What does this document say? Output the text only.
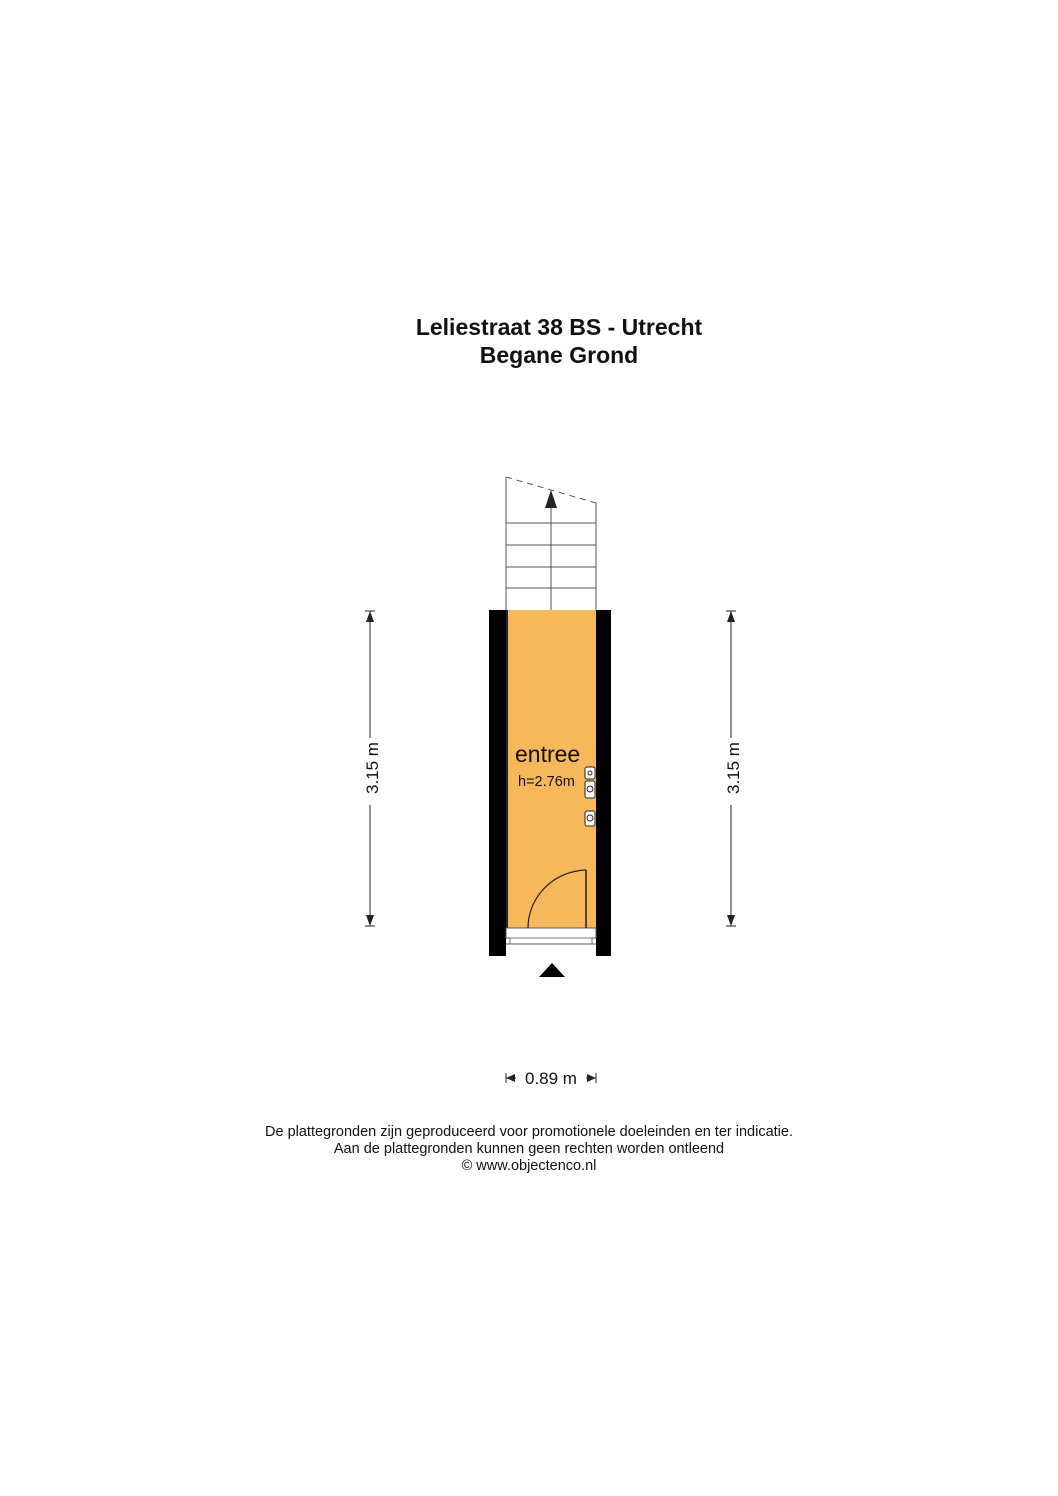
Leliestraat 38 BS - Utrecht
Begane Grond
entree
h=2.76m
3.15 m	3.15 m
0.89 m
De plattegronden zijn geproduceerd voor promotionele doeleinden en ter indicatie.
Aan de plattegronden kunnen geen rechten worden ontleend
© www.objectenco.nl
